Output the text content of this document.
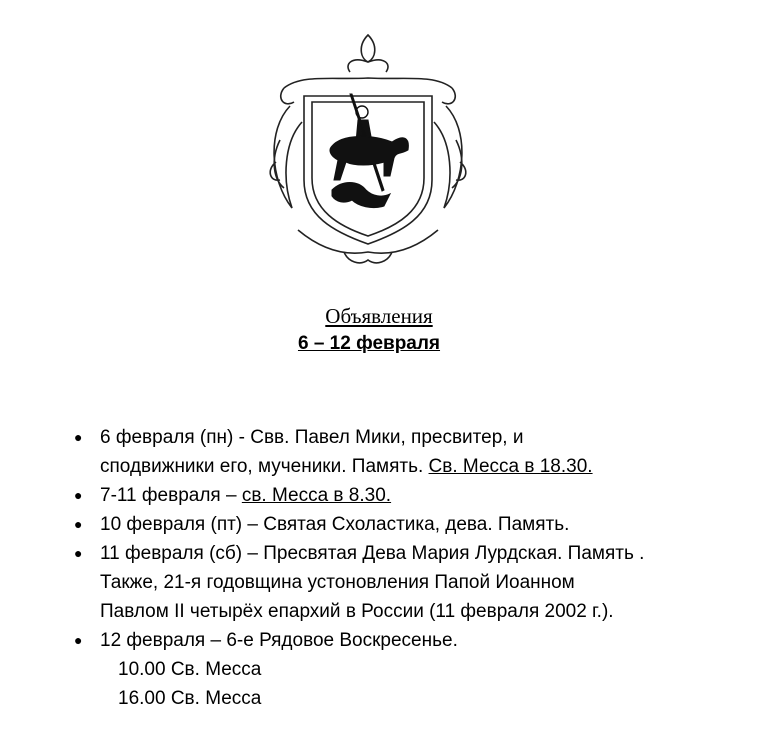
Объявления
6 – 12 февраля
● 6 февраля (пн) - Свв. Павел Мики, пресвитер, и
сподвижники его, мученики. Память. Св. Месса в 18.30.
● 7-11 февраля – св. Месса в 8.30.
● 10 февраля (пт) – Святая Схоластика, дева. Память.
● 11 февраля (сб) – Пресвятая Дева Мария Лурдская. Память .
Также, 21-я годовщина устоновления Папой Иоанном
Павлом II четырёх епархий в России (11 февраля 2002 г.).
● 12 февраля – 6-е Рядовое Воскресенье.
10.00 Св. Месса
16.00 Св. Месса
